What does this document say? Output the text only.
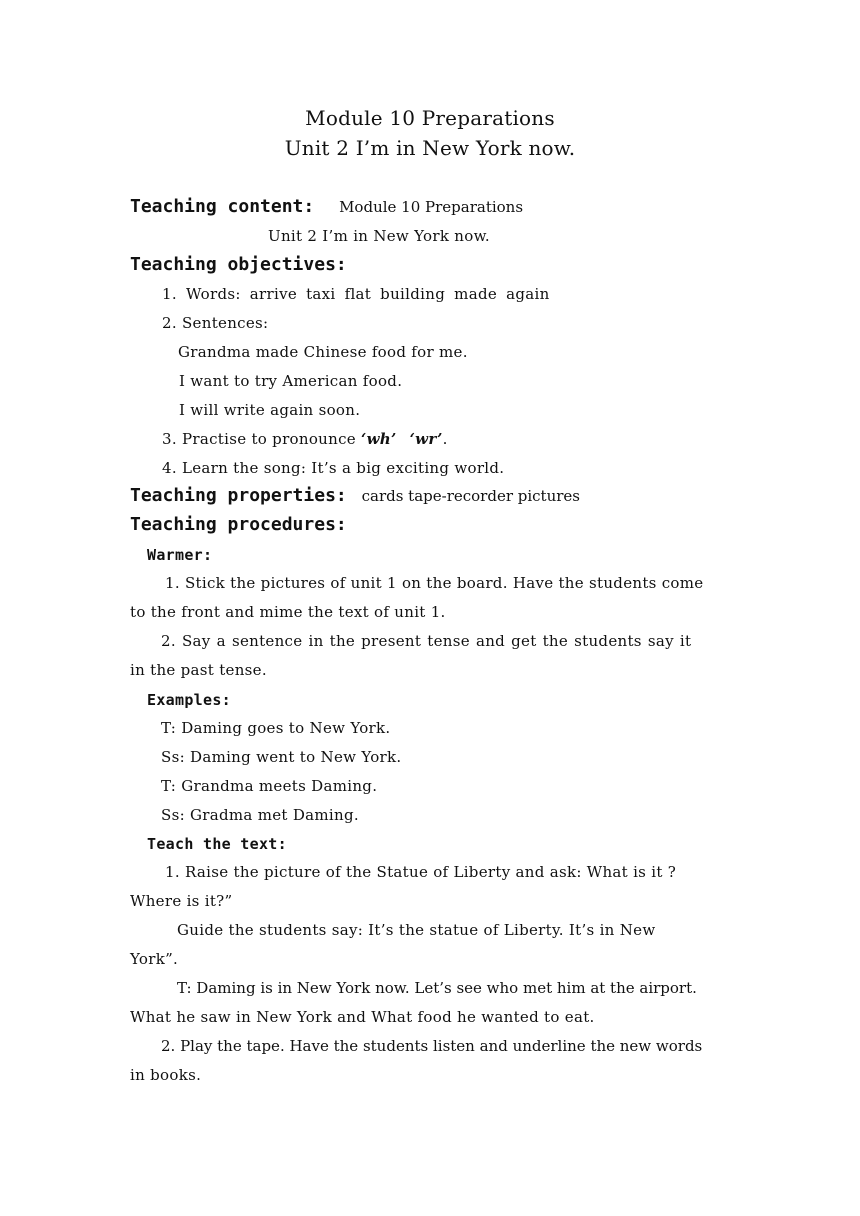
Module 10 Preparations
Unit 2 I’m in New York now.
Teaching content: Module 10 Preparations
Unit 2 I’m in New York now.
Teaching objectives:
1. Words: arrive taxi flat building made again
2. Sentences:
Grandma made Chinese food for me.
I want to try American food.
I will write again soon.
3. Practise to pronounce ‘wh’ ‘wr’.
4. Learn the song: It’s a big exciting world.
Teaching properties: cards tape-recorder pictures
Teaching procedures:
Warmer:
1. Stick the pictures of unit 1 on the board. Have the students come
to the front and mime the text of unit 1.
2. Say a sentence in the present tense and get the students say it
in the past tense.
Examples:
T: Daming goes to New York.
Ss: Daming went to New York.
T: Grandma meets Daming.
Ss: Gradma met Daming.
Teach the text:
1. Raise the picture of the Statue of Liberty and ask: What is it ?
Where is it?”
Guide the students say: It’s the statue of Liberty. It’s in New
York”.
T: Daming is in New York now. Let’s see who met him at the airport.
What he saw in New York and What food he wanted to eat.
2. Play the tape. Have the students listen and underline the new words
in books.
